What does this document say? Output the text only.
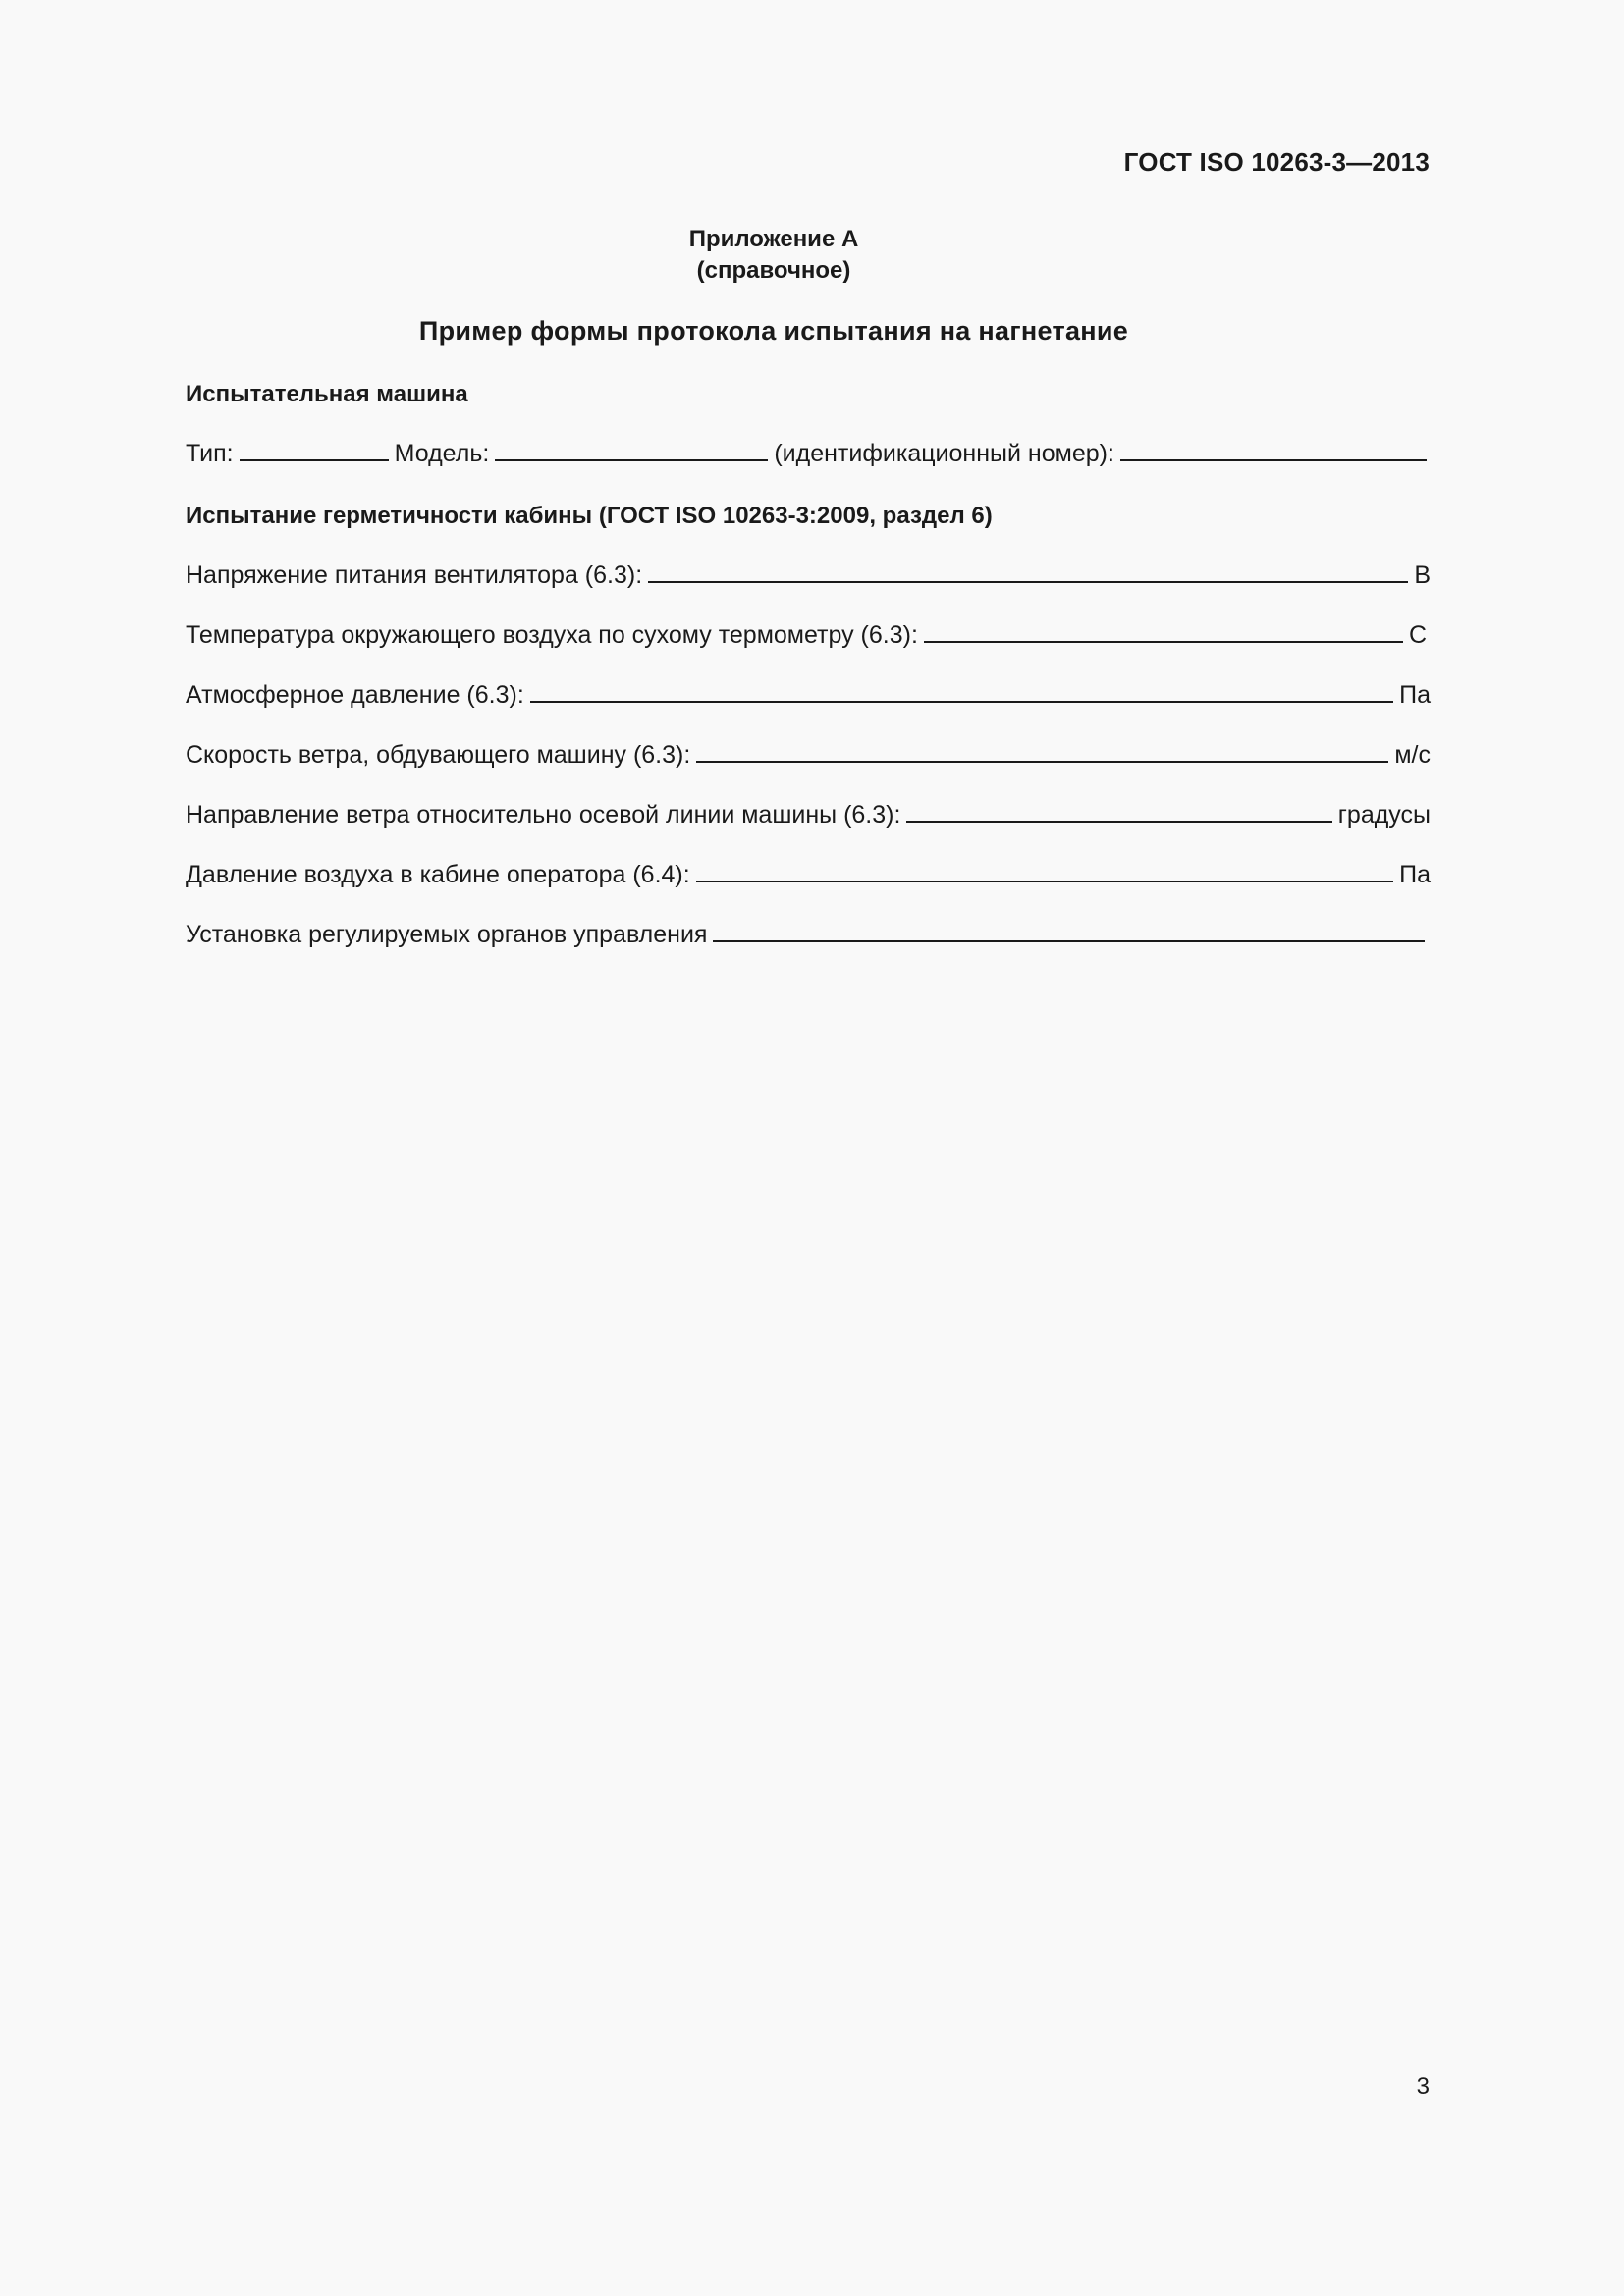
ГОСТ ISO 10263-3—2013
Приложение А
(справочное)
Пример формы протокола испытания на нагнетание
Испытательная машина
Тип:	Модель:	(идентификационный номер):
Испытание герметичности кабины (ГОСТ ISO 10263-3:2009, раздел 6)
Напряжение питания вентилятора (6.3):	В
Температура окружающего воздуха по сухому термометру (6.3):	С
Атмосферное давление (6.3):	Па
Скорость ветра, обдувающего машину (6.3):	м/с
Направление ветра относительно осевой линии машины (6.3):	градусы
Давление воздуха в кабине оператора (6.4):	Па
Установка регулируемых органов управления
3
